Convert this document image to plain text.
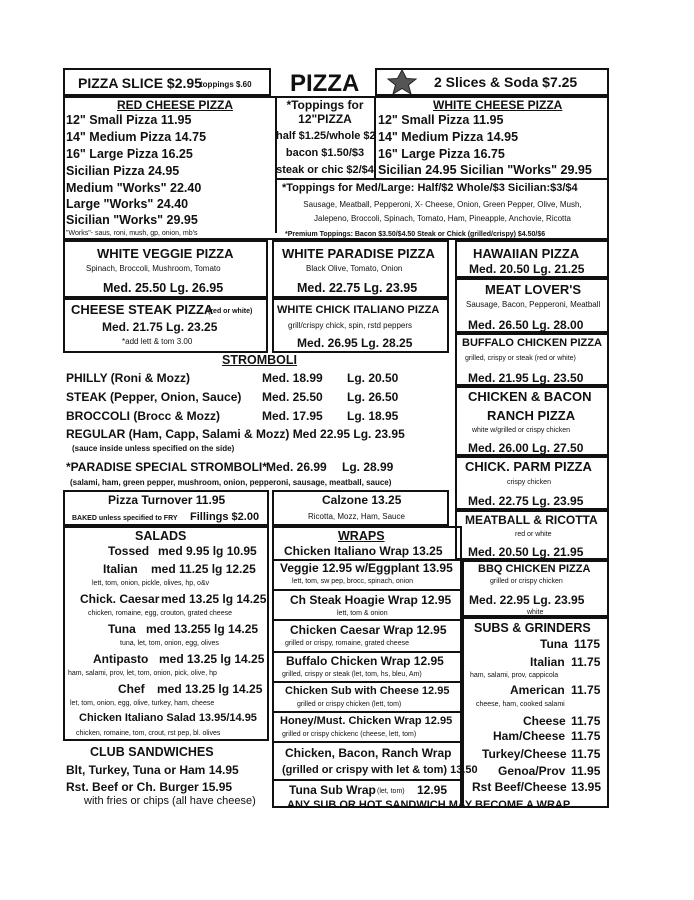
PIZZA SLICE $2.95
toppings $.60 PIZZA	2 Slices & Soda $7.25
RED CHEESE PIZZA
12" Small Pizza 11.95
14" Medium Pizza 14.75
16" Large Pizza 16.25
Sicilian Pizza 24.95
Medium "Works" 22.40
Large "Works" 24.40
Sicilian "Works" 29.95
"Works"- saus, roni, mush, gp, onion, mb's
*Toppings for
12"PIZZA
half $1.25/whole $2
bacon $1.50/$3
steak or chic $2/$4
WHITE CHEESE PIZZA
12" Small Pizza 11.95
14" Medium Pizza 14.95
16" Large Pizza 16.75
Sicilian 24.95 Sicilian "Works" 29.95
*Toppings for Med/Large: Half/$2 Whole/$3 Sicilian:$3/$4
Sausage, Meatball, Pepperoni, X- Cheese, Onion, Green Pepper, Olive, Mush,
Jalepeno, Broccoli, Spinach, Tomato, Ham, Pineapple, Anchovie, Ricotta
*Premium Toppings: Bacon $3.50/$4.50 Steak or Chick (grilled/crispy) $4.50/$6
WHITE VEGGIE PIZZA
Spinach, Broccoli, Mushroom, Tomato
Med. 25.50 Lg. 26.95
WHITE PARADISE PIZZA
Black Olive, Tomato, Onion
Med. 22.75 Lg. 23.95
HAWAIIAN PIZZA
Med. 20.50 Lg. 21.25
CHEESE STEAK PIZZA
(red or white)
Med. 21.75 Lg. 23.25
*add lett & tom 3.00
WHITE CHICK ITALIANO PIZZA
grill/crispy chick, spin, rstd peppers
Med. 26.95 Lg. 28.25
MEAT LOVER'S
Sausage, Bacon, Pepperoni, Meatball
Med. 26.50 Lg. 28.00
STROMBOLI
PHILLY (Roni & Mozz)	Med. 18.99 Lg. 20.50
STEAK (Pepper, Onion, Sauce) Med. 25.50 Lg. 26.50
BROCCOLI (Brocc & Mozz)	Med. 17.95 Lg. 18.95
REGULAR (Ham, Capp, Salami & Mozz) Med 22.95 Lg. 23.95
(sauce inside unless specified on the side)
*PARADISE SPECIAL STROMBOLI* Med. 26.99 Lg. 28.99
(salami, ham, green pepper, mushroom, onion, pepperoni, sausage, meatball, sauce)
BUFFALO CHICKEN PIZZA
grilled, crispy or steak (red or white)
Med. 21.95 Lg. 23.50
CHICKEN & BACON
RANCH PIZZA
white w/grilled or crispy chicken
Med. 26.00 Lg. 27.50
CHICK. PARM PIZZA
crispy chicken
Med. 22.75 Lg. 23.95
MEATBALL & RICOTTA
red or white
Med. 20.50 Lg. 21.95
Pizza Turnover 11.95
BAKED unless specified to FRY Fillings $2.00
Calzone 13.25
Ricotta, Mozz, Ham, Sauce
SALADS
Tossed med 9.95 lg 10.95
Italian med 11.25 lg 12.25
lett, tom, onion, pickle, olives, hp, o&v
Chick. Caesar med 13.25 lg 14.25
chicken, romaine, egg, crouton, grated cheese
Tuna med 13.255 lg 14.25
tuna, let, tom, onion, egg, olives
Antipasto med 13.25 lg 14.25
ham, salami, prov, let, tom, onion, pick, olive, hp
Chef med 13.25 lg 14.25
let, tom, onion, egg, olive, turkey, ham, cheese
Chicken Italiano Salad 13.95/14.95
chicken, romaine, tom, crout, rst pep, bl. olives
CLUB SANDWICHES
Blt, Turkey, Tuna or Ham 14.95
Rst. Beef or Ch. Burger 15.95
with fries or chips (all have cheese)
WRAPS
Chicken Italiano Wrap 13.25
Veggie 12.95 w/Eggplant 13.95
lett, tom, sw pep, brocc, spinach, onion
Ch Steak Hoagie Wrap 12.95
lett, tom & onion
Chicken Caesar Wrap 12.95
grilled or crispy, romaine, grated cheese
Buffalo Chicken Wrap 12.95
grilled, crispy or steak (let, tom, hs, bleu, Am)
Chicken Sub with Cheese 12.95
grilled or crispy chicken (lett, tom)
Honey/Must. Chicken Wrap 12.95
grilled or crispy chickenc (cheese, lett, tom)
Chicken, Bacon, Ranch Wrap
(grilled or crispy with let & tom) 13.50
Tuna Sub Wrap (let, tom) 12.95
ANY SUB OR HOT SANDWICH MAY BECOME A WRAP
BBQ CHICKEN PIZZA
grilled or crispy chicken
Med. 22.95 Lg. 23.95
white
SUBS & GRINDERS
Tuna 1175
Italian 11.75
ham, salami, prov, cappicola
American 11.75
cheese, ham, cooked salami
Cheese 11.75
Ham/Cheese 11.75
Turkey/Cheese 11.75
Genoa/Prov 11.95
Rst Beef/Cheese 13.95
